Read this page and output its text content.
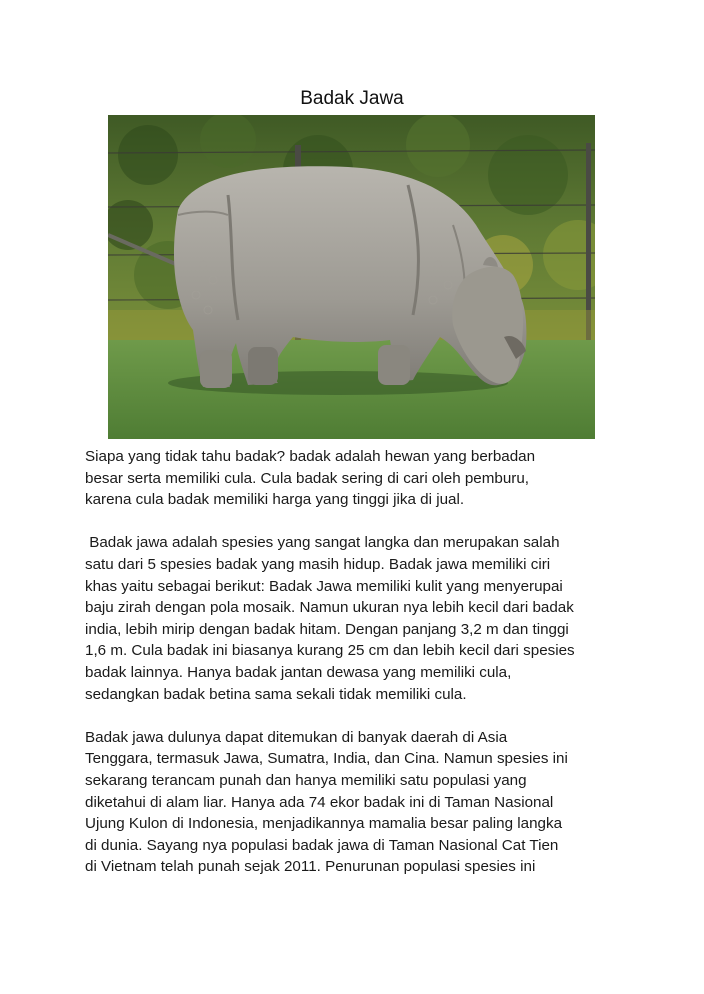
Badak Jawa
Siapa yang tidak tahu badak? badak adalah hewan yang berbadan
besar serta memiliki cula. Cula badak sering di cari oleh pemburu,
karena cula badak memiliki harga yang tinggi jika di jual.
Badak jawa adalah spesies yang sangat langka dan merupakan salah
satu dari 5 spesies badak yang masih hidup. Badak jawa memiliki ciri
khas yaitu sebagai berikut: Badak Jawa memiliki kulit yang menyerupai
baju zirah dengan pola mosaik. Namun ukuran nya lebih kecil dari badak
india, lebih mirip dengan badak hitam. Dengan panjang 3,2 m dan tinggi
1,6 m. Cula badak ini biasanya kurang 25 cm dan lebih kecil dari spesies
badak lainnya. Hanya badak jantan dewasa yang memiliki cula,
sedangkan badak betina sama sekali tidak memiliki cula.
Badak jawa dulunya dapat ditemukan di banyak daerah di Asia
Tenggara, termasuk Jawa, Sumatra, India, dan Cina. Namun spesies ini
sekarang terancam punah dan hanya memiliki satu populasi yang
diketahui di alam liar. Hanya ada 74 ekor badak ini di Taman Nasional
Ujung Kulon di Indonesia, menjadikannya mamalia besar paling langka
di dunia. Sayang nya populasi badak jawa di Taman Nasional Cat Tien
di Vietnam telah punah sejak 2011. Penurunan populasi spesies ini
